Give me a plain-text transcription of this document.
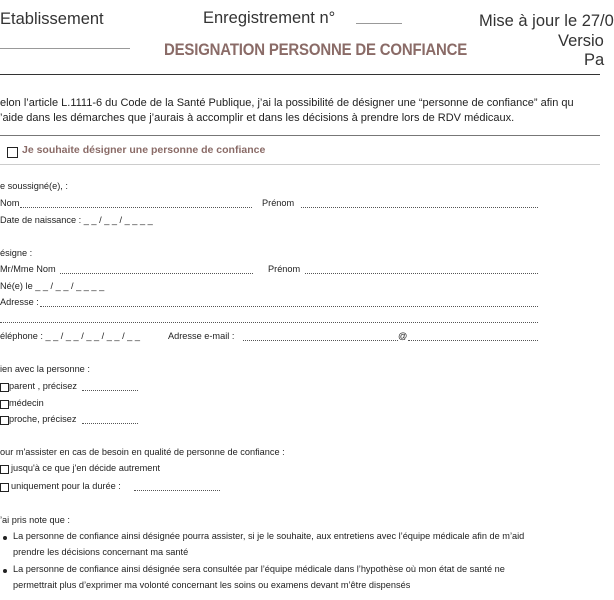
Etablissement	Enregistrement n°	Mise à jour le 27/0
Versio
Pa
DESIGNATION PERSONNE DE CONFIANCE
elon l’article L.1111-6 du Code de la Santé Publique, j’ai la possibilité de désigner une “personne de confiance” afin qu
’aide dans les démarches que j’aurais à accomplir et dans les décisions à prendre lors de RDV médicaux.
Je souhaite désigner une personne de confiance
e soussigné(e), :
Nom	Prénom
Date de naissance : _ _ / _ _ / _ _ _ _
ésigne :
Mr/Mme Nom	Prénom
Né(e) le _ _ / _ _ / _ _ _ _
Adresse :
éléphone : _ _ / _ _ / _ _ / _ _ / _ _	Adresse e-mail :	@
ien avec la personne :
parent , précisez
médecin
proche, précisez
our m'assister en cas de besoin en qualité de personne de confiance :
jusqu'à ce que j'en décide autrement
uniquement pour la durée :
’ai pris note que :
La personne de confiance ainsi désignée pourra assister, si je le souhaite, aux entretiens avec l’équipe médicale afin de m’aid
prendre les décisions concernant ma santé
La personne de confiance ainsi désignée sera consultée par l’équipe médicale dans l’hypothèse où mon état de santé ne
permettrait plus d’exprimer ma volonté concernant les soins ou examens devant m’être dispensés
